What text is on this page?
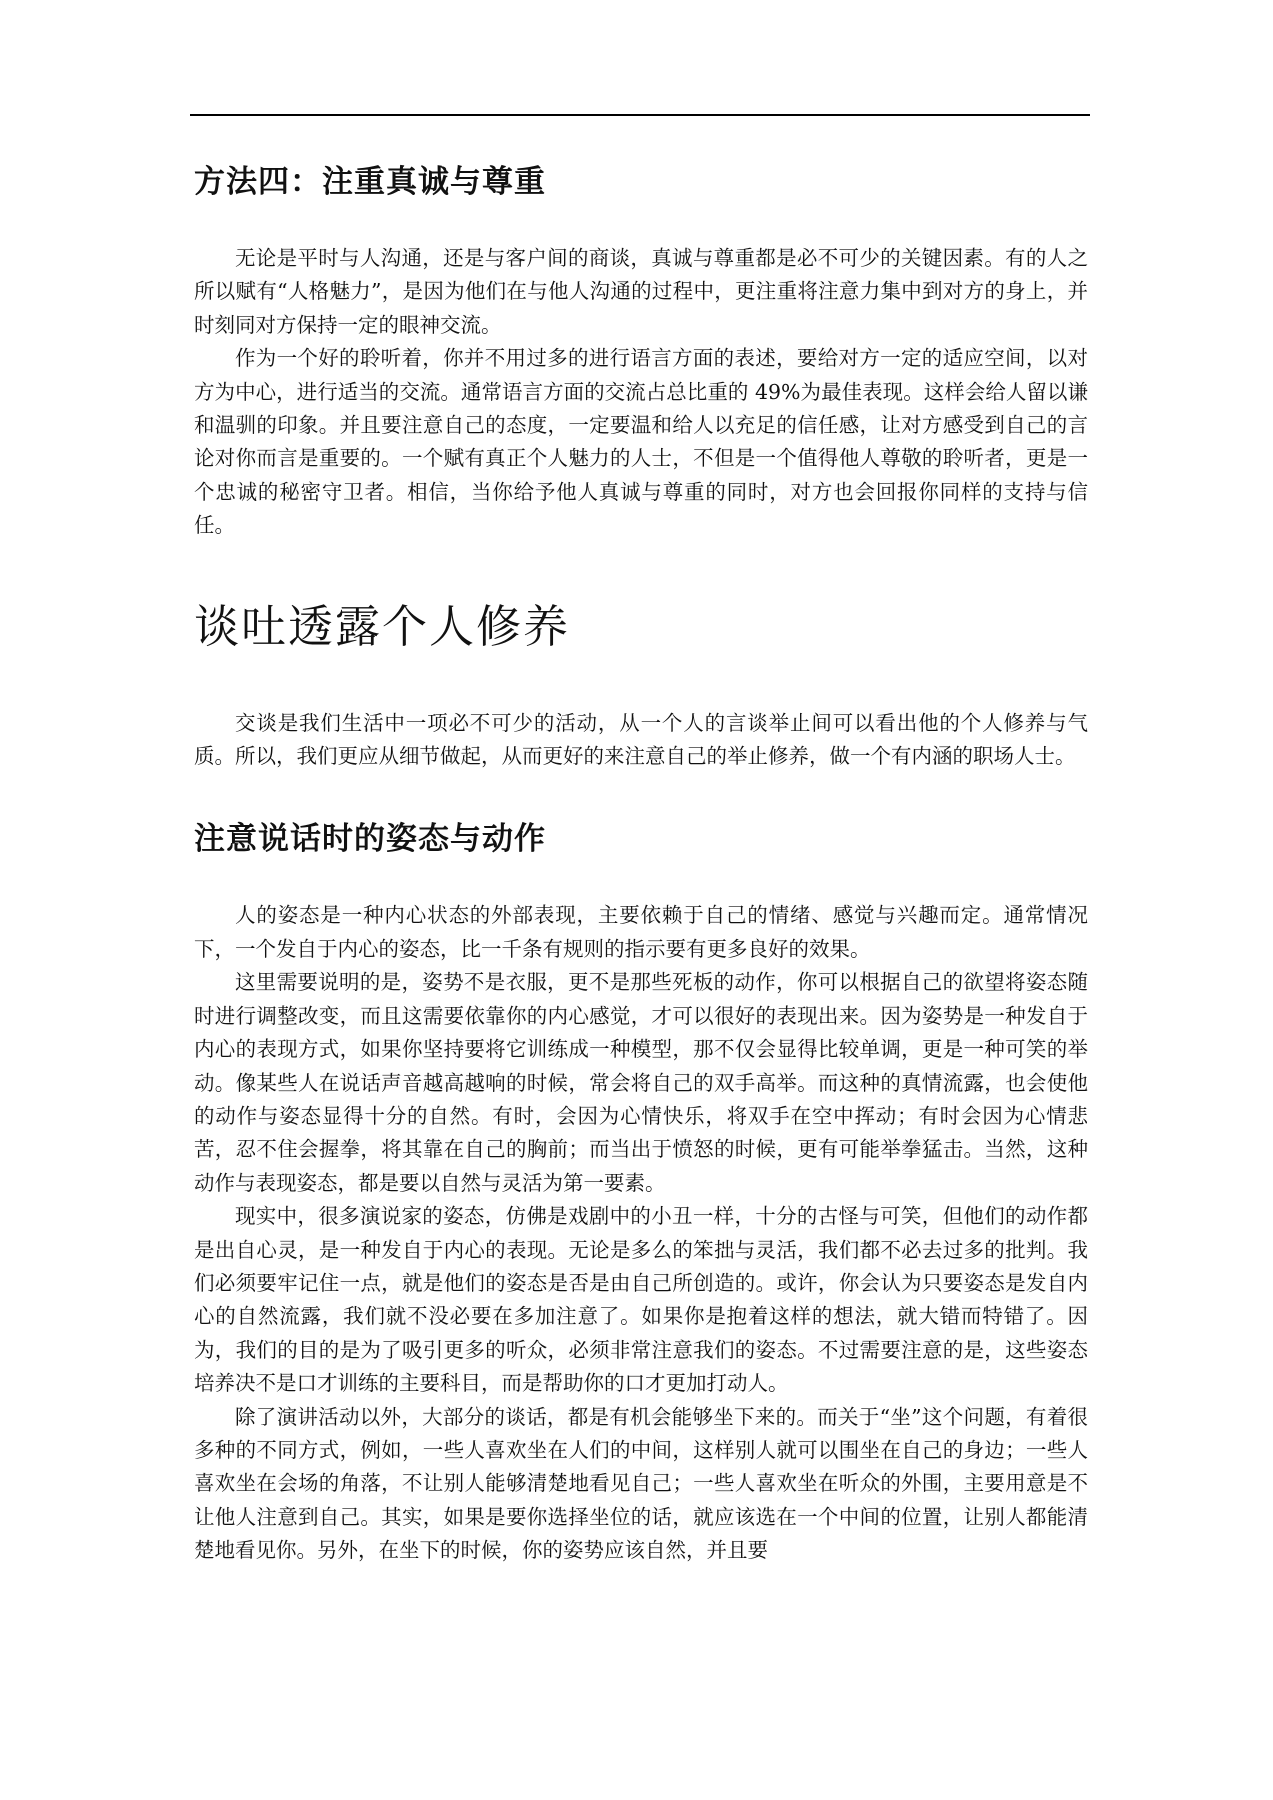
方法四：注重真诚与尊重

无论是平时与人沟通，还是与客户间的商谈，真诚与尊重都是必不可少的关键因素。有的人之所以赋有“人格魅力”，是因为他们在与他人沟通的过程中，更注重将注意力集中到对方的身上，并时刻同对方保持一定的眼神交流。

作为一个好的聆听着，你并不用过多的进行语言方面的表述，要给对方一定的适应空间，以对方为中心，进行适当的交流。通常语言方面的交流占总比重的 49%为最佳表现。这样会给人留以谦和温驯的印象。并且要注意自己的态度，一定要温和给人以充足的信任感，让对方感受到自己的言论对你而言是重要的。一个赋有真正个人魅力的人士，不但是一个值得他人尊敬的聆听者，更是一个忠诚的秘密守卫者。相信，当你给予他人真诚与尊重的同时，对方也会回报你同样的支持与信任。

谈吐透露个人修养

交谈是我们生活中一项必不可少的活动，从一个人的言谈举止间可以看出他的个人修养与气质。所以，我们更应从细节做起，从而更好的来注意自己的举止修养，做一个有内涵的职场人士。

注意说话时的姿态与动作

人的姿态是一种内心状态的外部表现，主要依赖于自己的情绪、感觉与兴趣而定。通常情况下，一个发自于内心的姿态，比一千条有规则的指示要有更多良好的效果。

这里需要说明的是，姿势不是衣服，更不是那些死板的动作，你可以根据自己的欲望将姿态随时进行调整改变，而且这需要依靠你的内心感觉，才可以很好的表现出来。因为姿势是一种发自于内心的表现方式，如果你坚持要将它训练成一种模型，那不仅会显得比较单调，更是一种可笑的举动。像某些人在说话声音越高越响的时候，常会将自己的双手高举。而这种的真情流露，也会使他的动作与姿态显得十分的自然。有时，会因为心情快乐，将双手在空中挥动；有时会因为心情悲苦，忍不住会握拳，将其靠在自己的胸前；而当出于愤怒的时候，更有可能举拳猛击。当然，这种动作与表现姿态，都是要以自然与灵活为第一要素。

现实中，很多演说家的姿态，仿佛是戏剧中的小丑一样，十分的古怪与可笑，但他们的动作都是出自心灵，是一种发自于内心的表现。无论是多么的笨拙与灵活，我们都不必去过多的批判。我们必须要牢记住一点，就是他们的姿态是否是由自己所创造的。或许，你会认为只要姿态是发自内心的自然流露，我们就不没必要在多加注意了。如果你是抱着这样的想法，就大错而特错了。因为，我们的目的是为了吸引更多的听众，必须非常注意我们的姿态。不过需要注意的是，这些姿态培养决不是口才训练的主要科目，而是帮助你的口才更加打动人。

除了演讲活动以外，大部分的谈话，都是有机会能够坐下来的。而关于“坐”这个问题，有着很多种的不同方式，例如，一些人喜欢坐在人们的中间，这样别人就可以围坐在自己的身边；一些人喜欢坐在会场的角落，不让别人能够清楚地看见自己；一些人喜欢坐在听众的外围，主要用意是不让他人注意到自己。其实，如果是要你选择坐位的话，就应该选在一个中间的位置，让别人都能清楚地看见你。另外，在坐下的时候，你的姿势应该自然，并且要
